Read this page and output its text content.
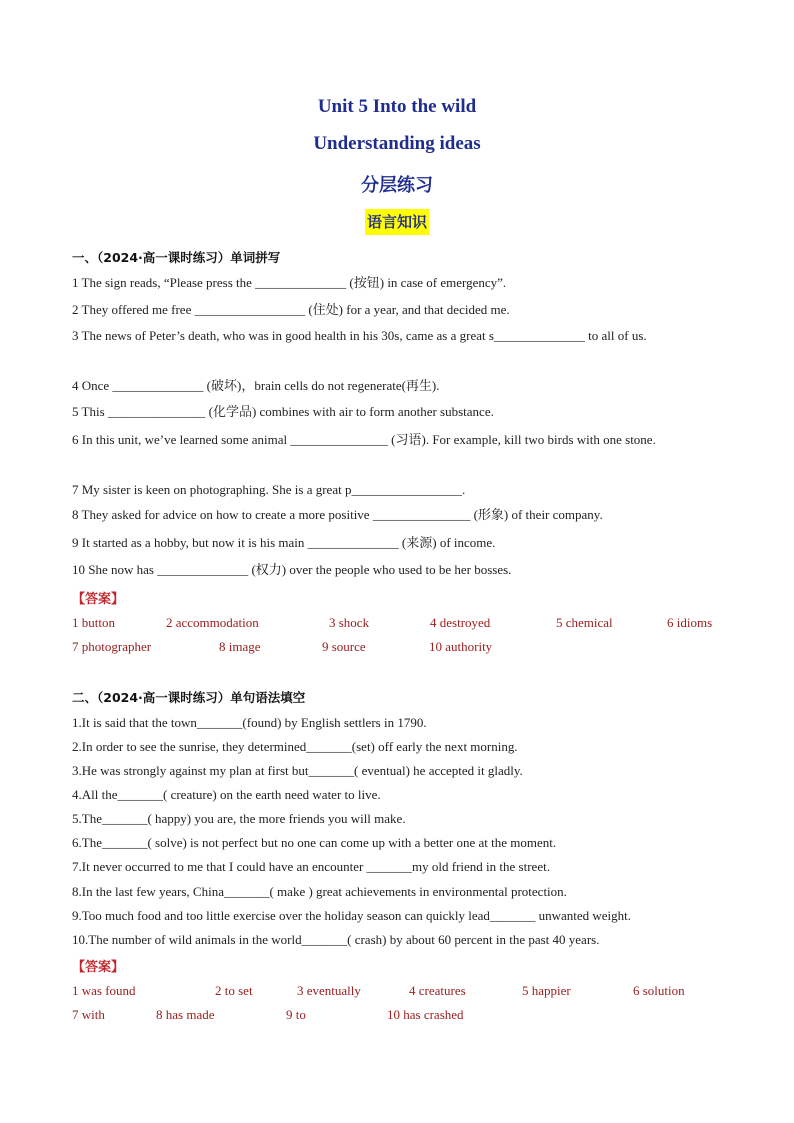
Unit 5 Into the wild
Understanding ideas
分层练习
语言知识
一、（2024·高一课时练习）单词拼写
1 The sign reads, “Please press the ______________ (按钮) in case of emergency”.
2 They offered me free _________________ (住处) for a year, and that decided me.
3 The news of Peter’s death, who was in good health in his 30s, came as a great s______________ to all of us.
4 Once ______________ (破坏)，brain cells do not regenerate(再生).
5 This _______________ (化学品) combines with air to form another substance.
6 In this unit, we’ve learned some animal _______________ (习语). For example, kill two birds with one stone.
7 My sister is keen on photographing. She is a great p_________________.
8 They asked for advice on how to create a more positive _______________ (形象) of their company.
9 It started as a hobby, but now it is his main ______________ (来源) of income.
10 She now has ______________ (权力) over the people who used to be her bosses.
【答案】
1 button	2 accommodation	3 shock	4 destroyed	5 chemical	6 idioms
7 photographer	8 image	9 source	10 authority
二、（2024·高一课时练习）单句语法填空
1.It is said that the town_______(found) by English settlers in 1790.
2.In order to see the sunrise, they determined_______(set) off early the next morning.
3.He was strongly against my plan at first but_______( eventual) he accepted it gladly.
4.All the_______( creature) on the earth need water to live.
5.The_______( happy) you are, the more friends you will make.
6.The_______( solve) is not perfect but no one can come up with a better one at the moment.
7.It never occurred to me that I could have an encounter _______my old friend in the street.
8.In the last few years, China_______( make ) great achievements in environmental protection.
9.Too much food and too little exercise over the holiday season can quickly lead_______ unwanted weight.
10.The number of wild animals in the world_______( crash) by about 60 percent in the past 40 years.
【答案】
1 was found	2 to set	3 eventually	4 creatures	5 happier	6 solution
7 with	8 has made	9 to	10 has crashed
